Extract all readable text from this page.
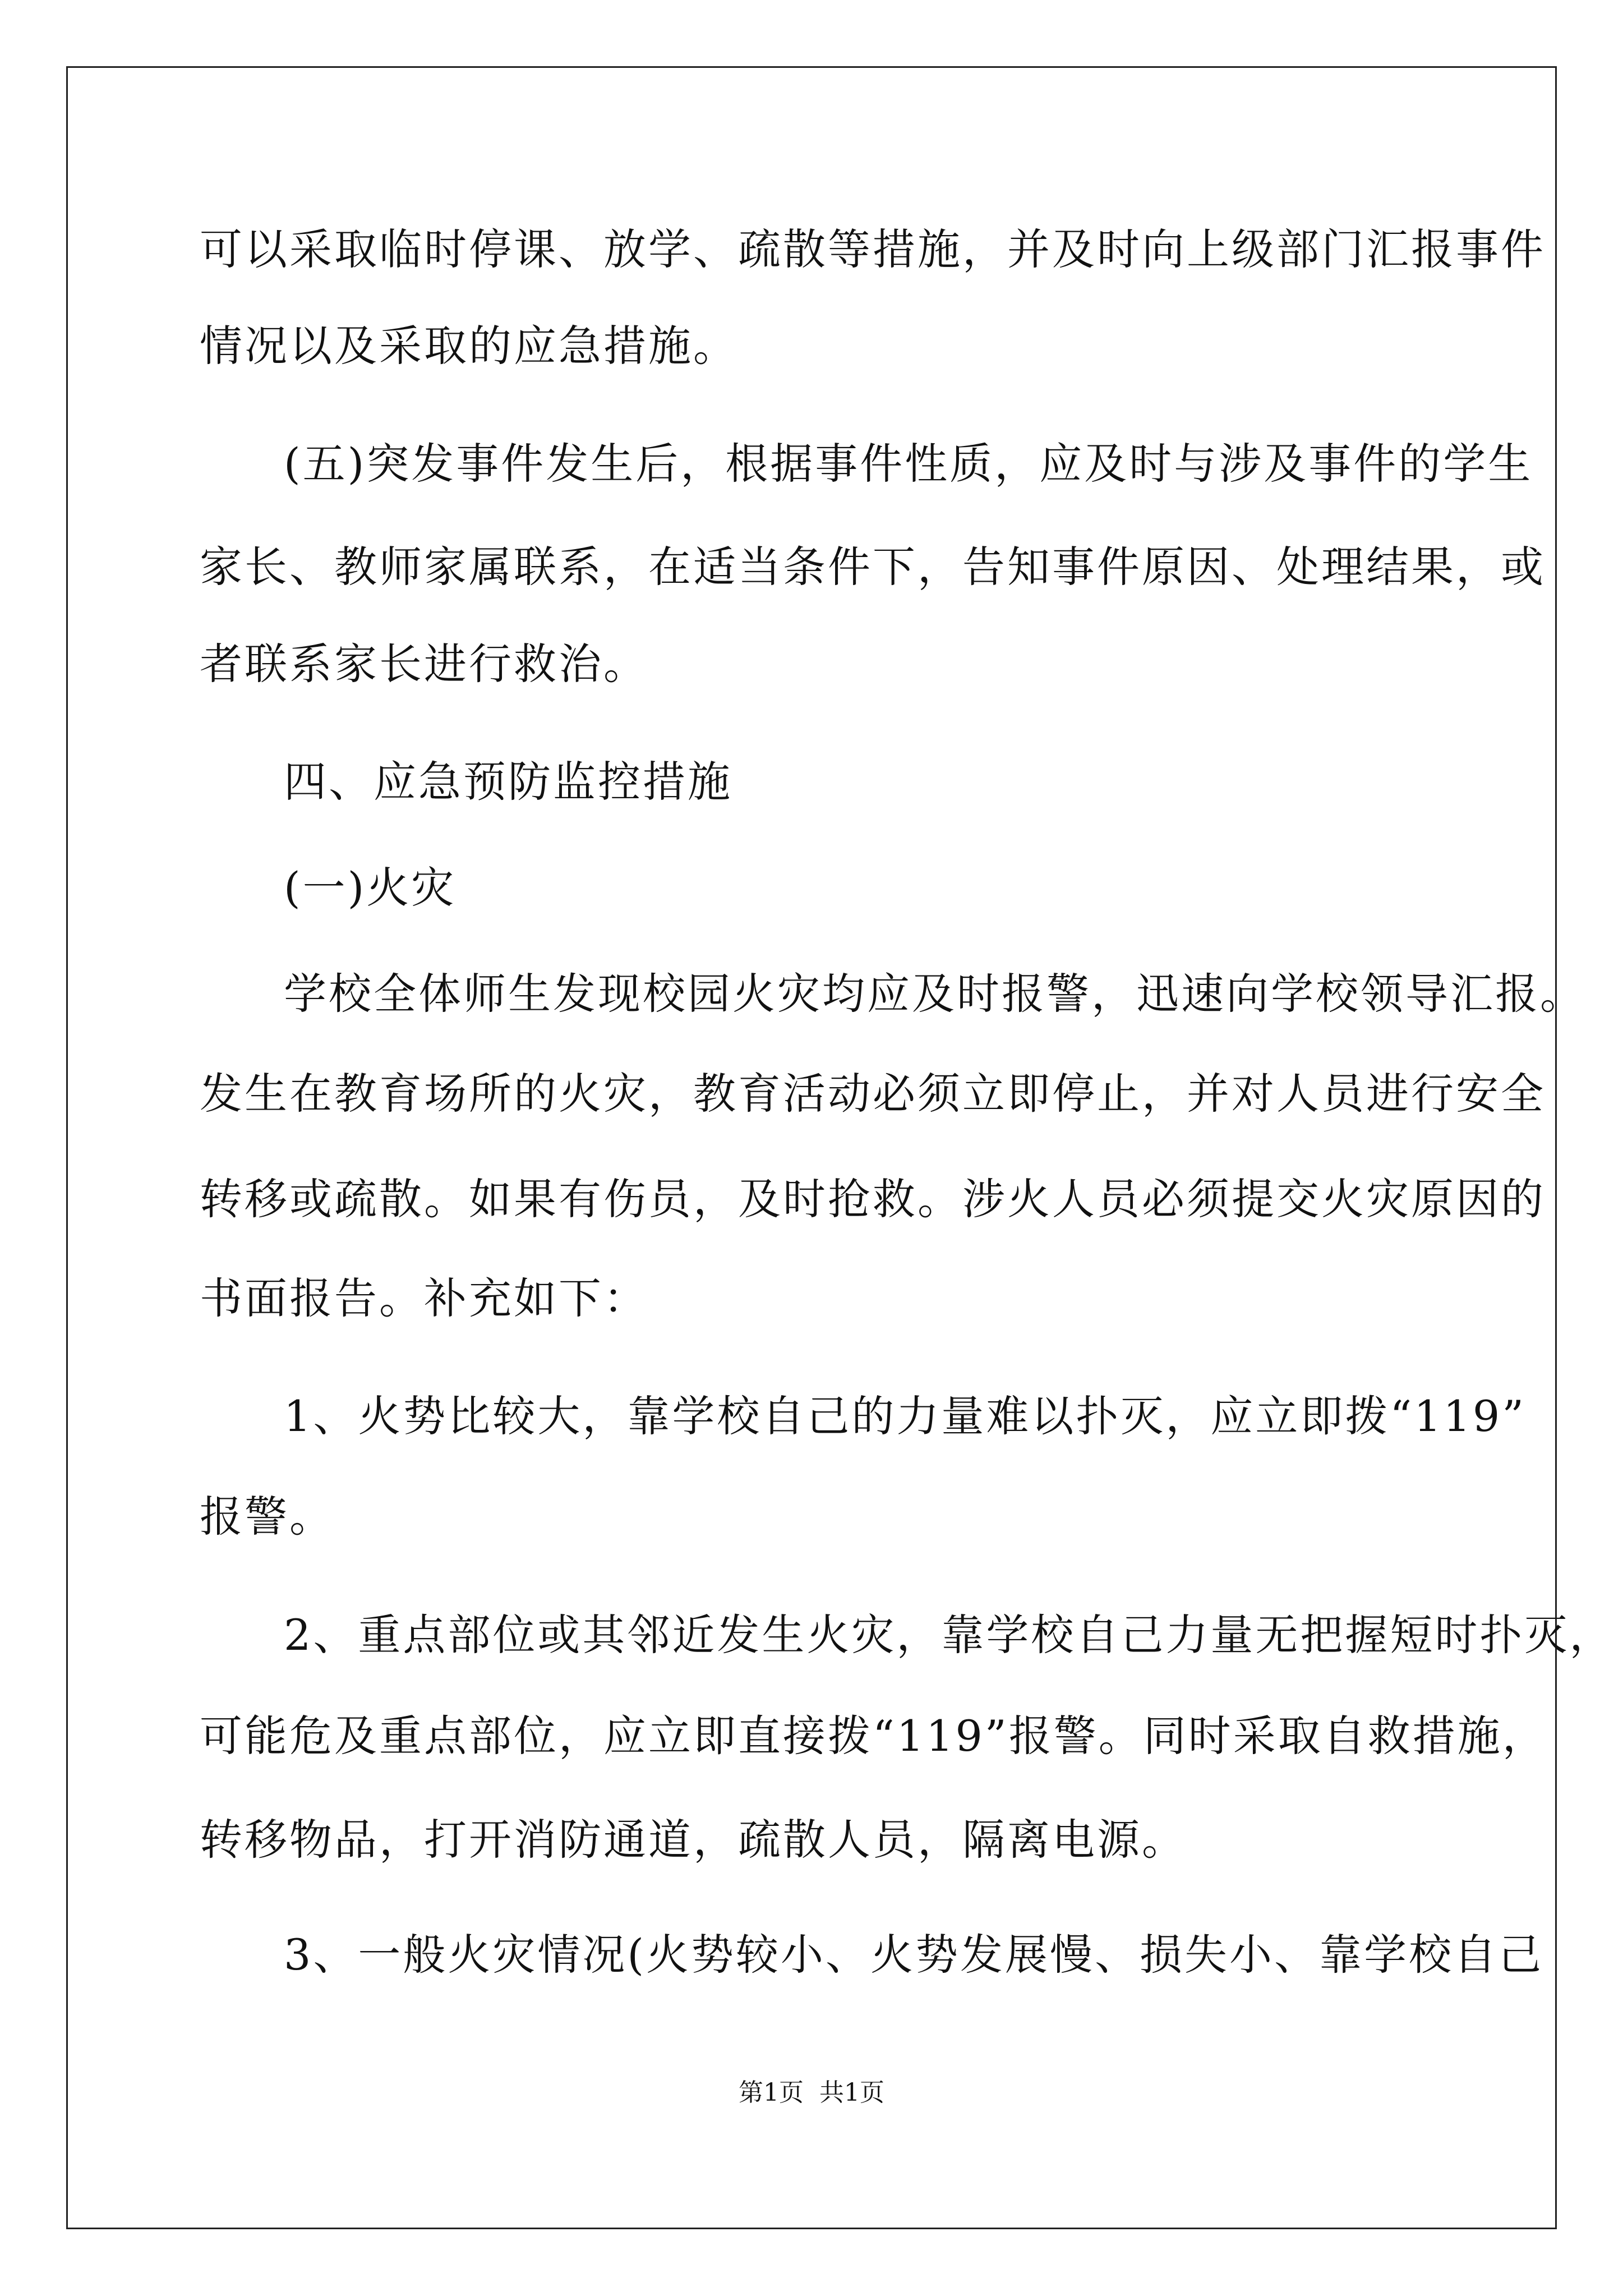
可以采取临时停课、放学、疏散等措施，并及时向上级部门汇报事件
情况以及采取的应急措施。
(五)突发事件发生后，根据事件性质，应及时与涉及事件的学生
家长、教师家属联系，在适当条件下，告知事件原因、处理结果，或
者联系家长进行救治。
四、应急预防监控措施
(一)火灾
学校全体师生发现校园火灾均应及时报警，迅速向学校领导汇报。
发生在教育场所的火灾，教育活动必须立即停止，并对人员进行安全
转移或疏散。如果有伤员，及时抢救。涉火人员必须提交火灾原因的
书面报告。补充如下：
1、火势比较大，靠学校自己的力量难以扑灭，应立即拨“119”
报警。
2、重点部位或其邻近发生火灾，靠学校自己力量无把握短时扑灭，
可能危及重点部位，应立即直接拨“119”报警。同时采取自救措施，
转移物品，打开消防通道，疏散人员，隔离电源。
3、一般火灾情况(火势较小、火势发展慢、损失小、靠学校自己
第1页 共1页
